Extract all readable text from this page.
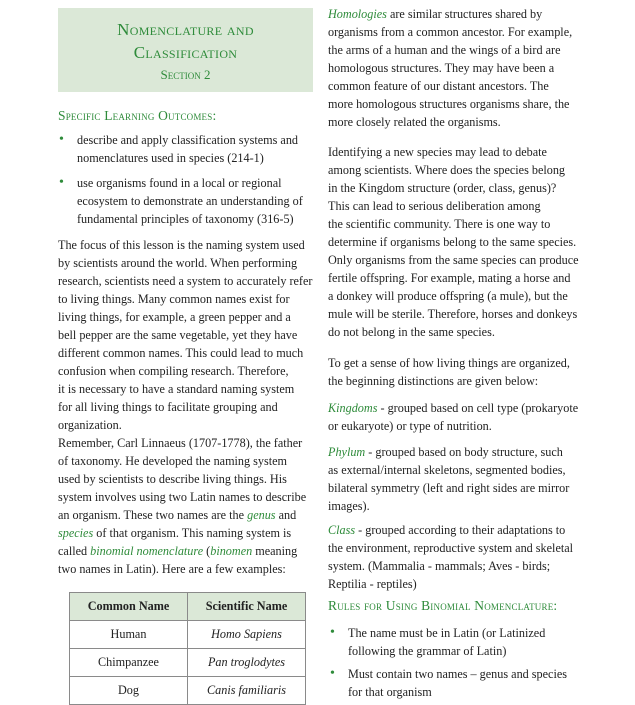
Nomenclature and
Classification
Section 2
Specific Learning Outcomes:
• describe and apply classification systems and
nomenclatures used in species (214-1)
• use organisms found in a local or regional
ecosystem to demonstrate an understanding of
fundamental principles of taxonomy (316-5)
The focus of this lesson is the naming system used
by scientists around the world. When performing
research, scientists need a system to accurately refer
to living things. Many common names exist for
living things, for example, a green pepper and a
bell pepper are the same vegetable, yet they have
different common names. This could lead to much
confusion when compiling research. Therefore,
it is necessary to have a standard naming system
for all living things to facilitate grouping and
organization.
Remember, Carl Linnaeus (1707-1778), the father
of taxonomy. He developed the naming system
used by scientists to describe living things. His
system involves using two Latin names to describe
an organism. These two names are the genus and
species of that organism. This naming system is
called binomial nomenclature (binomen meaning
two names in Latin). Here are a few examples:
Common Name	Scientific Name
Human	Homo Sapiens
Chimpanzee	Pan troglodytes
Dog	Canis familiaris
Homologies are similar structures shared by
organisms from a common ancestor. For example,
the arms of a human and the wings of a bird are
homologous structures. They may have been a
common feature of our distant ancestors. The
more homologous structures organisms share, the
more closely related the organisms.
Identifying a new species may lead to debate
among scientists. Where does the species belong
in the Kingdom structure (order, class, genus)?
This can lead to serious deliberation among
the scientific community. There is one way to
determine if organisms belong to the same species.
Only organisms from the same species can produce
fertile offspring. For example, mating a horse and
a donkey will produce offspring (a mule), but the
mule will be sterile. Therefore, horses and donkeys
do not belong in the same species.
To get a sense of how living things are organized,
the beginning distinctions are given below:
Kingdoms - grouped based on cell type (prokaryote
or eukaryote) or type of nutrition.
Phylum - grouped based on body structure, such
as external/internal skeletons, segmented bodies,
bilateral symmetry (left and right sides are mirror
images).
Class - grouped according to their adaptations to
the environment, reproductive system and skeletal
system. (Mammalia - mammals; Aves - birds;
Reptilia - reptiles)
Rules for Using Binomial Nomenclature:
• The name must be in Latin (or Latinized
following the grammar of Latin)
• Must contain two names – genus and species
for that organism
